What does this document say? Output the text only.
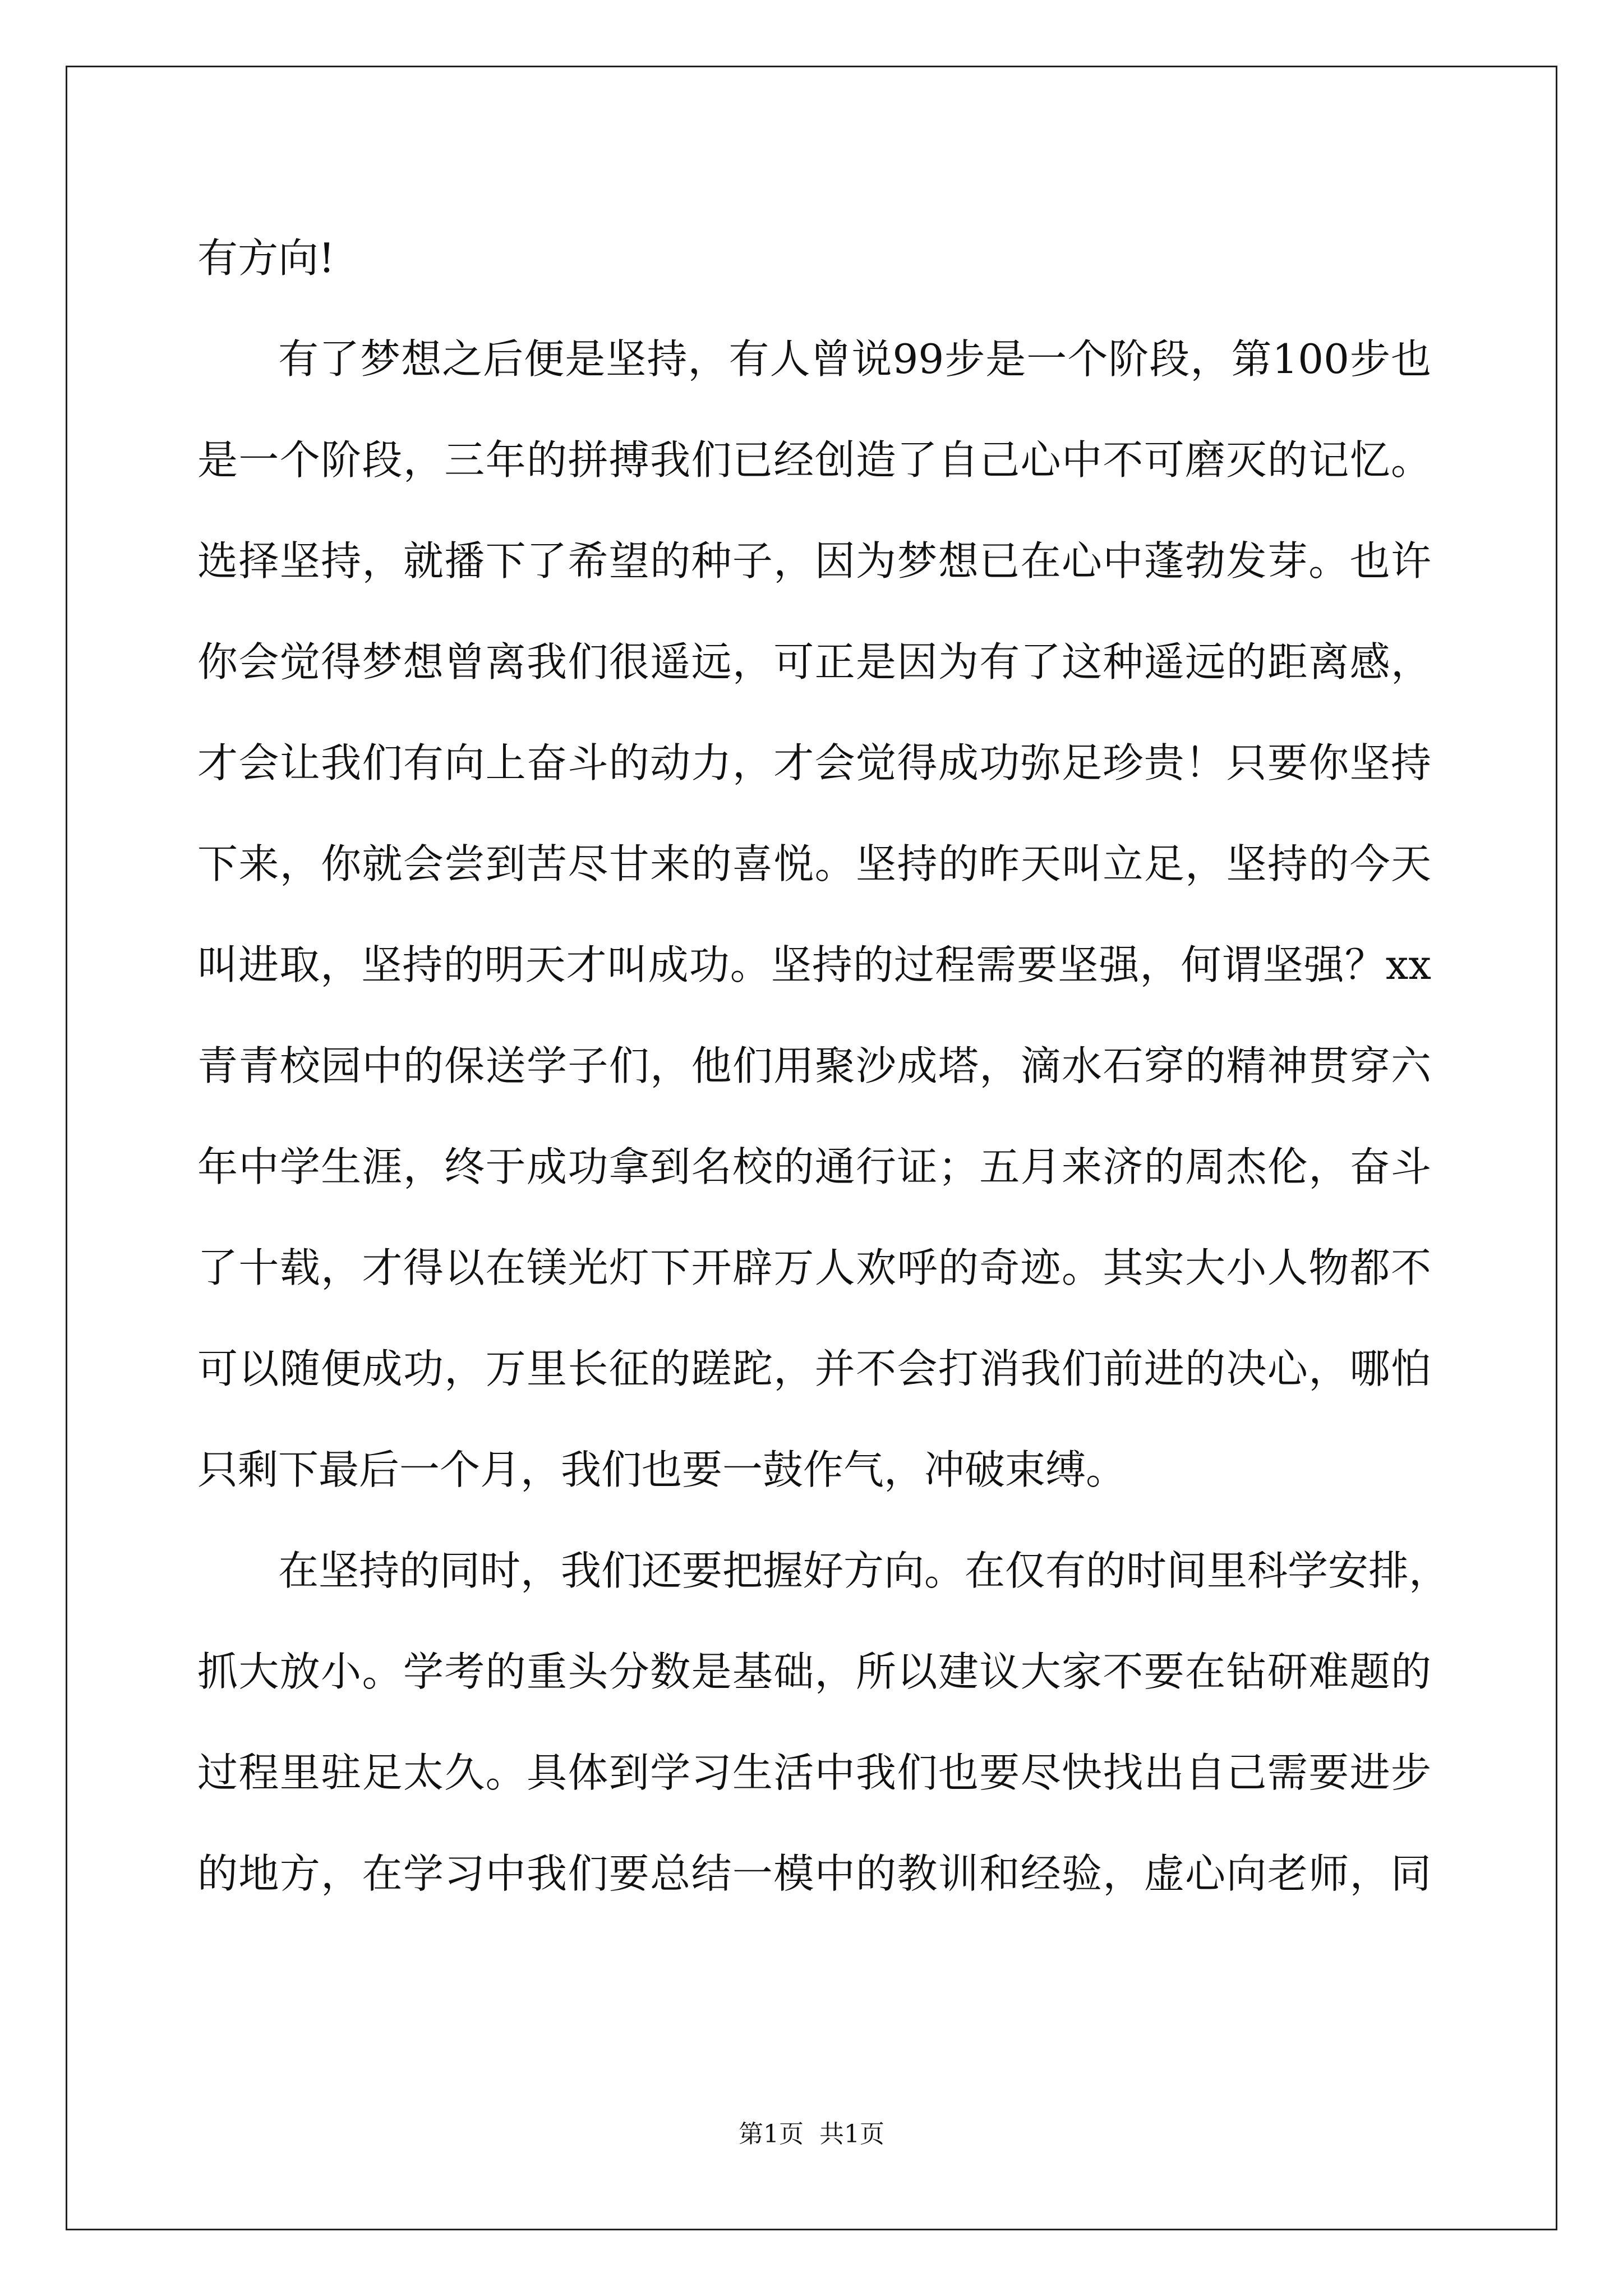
有方向!
有了梦想之后便是坚持，有人曾说99步是一个阶段，第100步也
是一个阶段，三年的拼搏我们已经创造了自己心中不可磨灭的记忆。
选择坚持，就播下了希望的种子，因为梦想已在心中蓬勃发芽。也许
你会觉得梦想曾离我们很遥远，可正是因为有了这种遥远的距离感，
才会让我们有向上奋斗的动力，才会觉得成功弥足珍贵！只要你坚持
下来，你就会尝到苦尽甘来的喜悦。坚持的昨天叫立足，坚持的今天
叫进取，坚持的明天才叫成功。坚持的过程需要坚强，何谓坚强？xx
青青校园中的保送学子们，他们用聚沙成塔，滴水石穿的精神贯穿六
年中学生涯，终于成功拿到名校的通行证；五月来济的周杰伦，奋斗
了十载，才得以在镁光灯下开辟万人欢呼的奇迹。其实大小人物都不
可以随便成功，万里长征的蹉跎，并不会打消我们前进的决心，哪怕
只剩下最后一个月，我们也要一鼓作气，冲破束缚。
在坚持的同时，我们还要把握好方向。在仅有的时间里科学安排，
抓大放小。学考的重头分数是基础，所以建议大家不要在钻研难题的
过程里驻足太久。具体到学习生活中我们也要尽快找出自己需要进步
的地方，在学习中我们要总结一模中的教训和经验，虚心向老师，同
第1页 共1页
